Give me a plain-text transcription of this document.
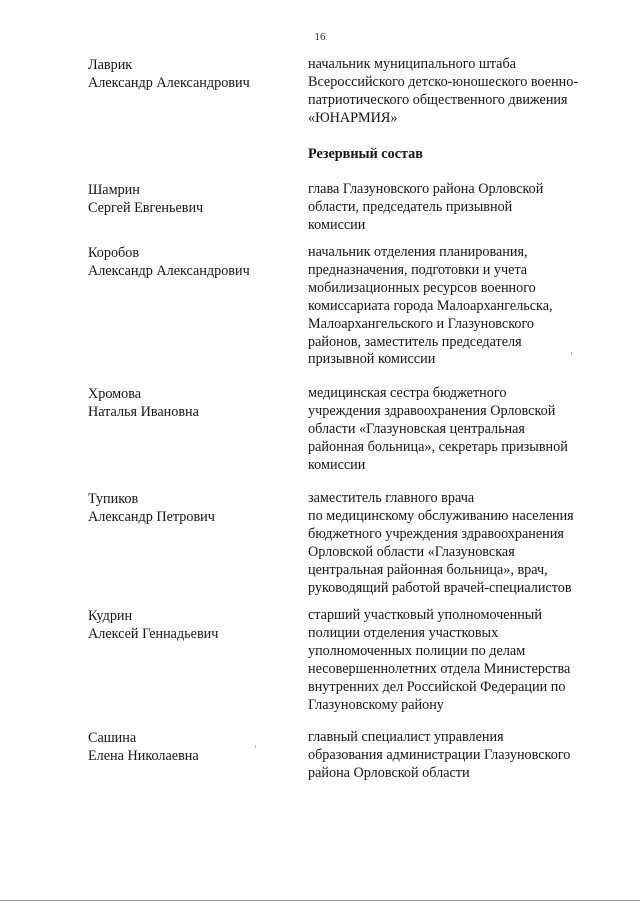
16
Лаврик
Александр Александрович
начальник муниципального штаба
Всероссийского детско-юношеского военно-
патриотического общественного движения
«ЮНАРМИЯ»
Резервный состав
Шамрин
Сергей Евгеньевич
глава Глазуновского района Орловской
области, председатель призывной
комиссии
Коробов
Александр Александрович
начальник отделения планирования,
предназначения, подготовки и учета
мобилизационных ресурсов военного
комиссариата города Малоархангельска,
Малоархангельского и Глазуновского
районов, заместитель председателя
призывной комиссии
Хромова
Наталья Ивановна
медицинская сестра бюджетного
учреждения здравоохранения Орловской
области «Глазуновская центральная
районная больница», секретарь призывной
комиссии
Тупиков
Александр Петрович
заместитель главного врача
по медицинскому обслуживанию населения
бюджетного учреждения здравоохранения
Орловской области «Глазуновская
центральная районная больница», врач,
руководящий работой врачей-специалистов
Кудрин
Алексей Геннадьевич
старший участковый уполномоченный
полиции отделения участковых
уполномоченных полиции по делам
несовершеннолетних отдела Министерства
внутренних дел Российской Федерации по
Глазуновскому району
Сашина
Елена Николаевна
главный специалист управления
образования администрации Глазуновского
района Орловской области
